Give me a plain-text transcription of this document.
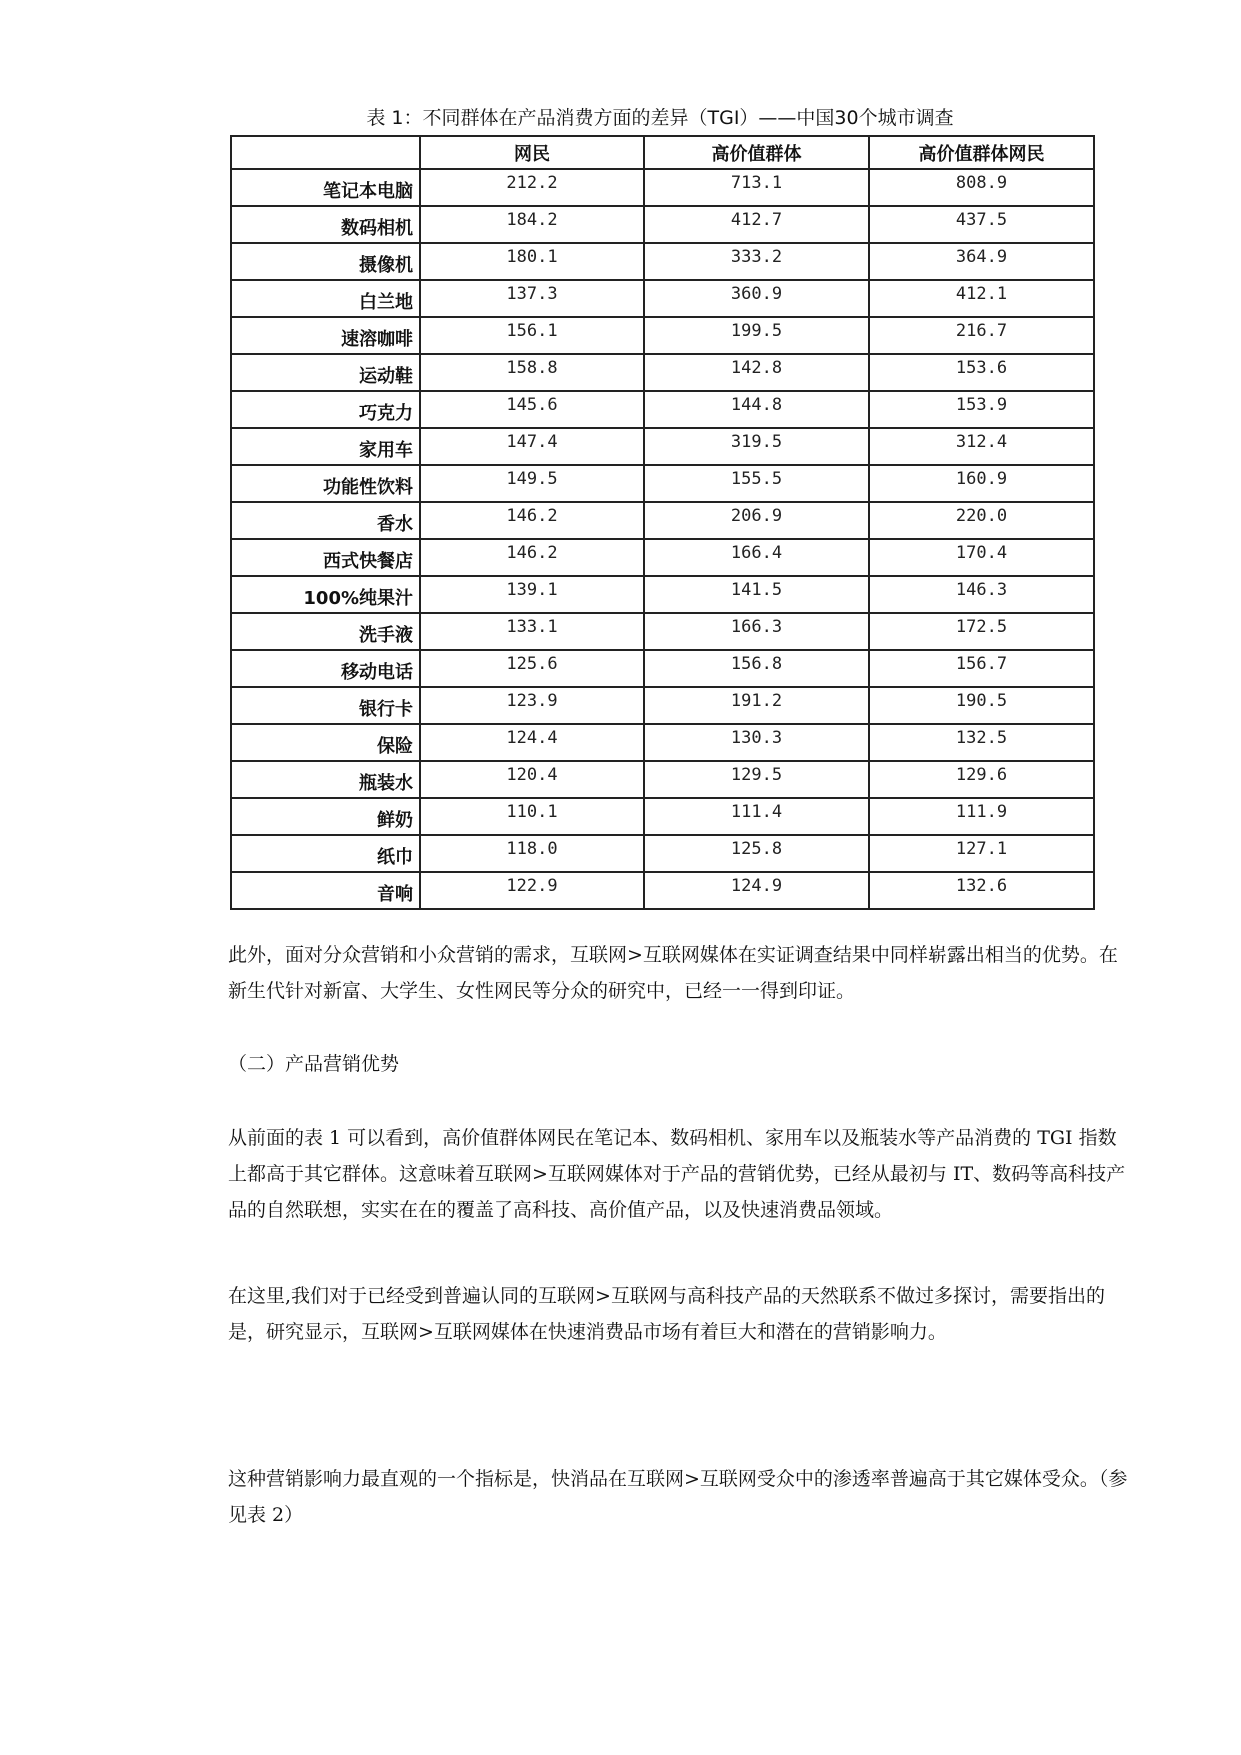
表 1：不同群体在产品消费方面的差异（TGI）——中国30个城市调查
	网民	高价值群体	高价值群体网民
笔记本电脑	212.2	713.1	808.9
数码相机	184.2	412.7	437.5
摄像机	180.1	333.2	364.9
白兰地	137.3	360.9	412.1
速溶咖啡	156.1	199.5	216.7
运动鞋	158.8	142.8	153.6
巧克力	145.6	144.8	153.9
家用车	147.4	319.5	312.4
功能性饮料	149.5	155.5	160.9
香水	146.2	206.9	220.0
西式快餐店	146.2	166.4	170.4
100%纯果汁	139.1	141.5	146.3
洗手液	133.1	166.3	172.5
移动电话	125.6	156.8	156.7
银行卡	123.9	191.2	190.5
保险	124.4	130.3	132.5
瓶装水	120.4	129.5	129.6
鲜奶	110.1	111.4	111.9
纸巾	118.0	125.8	127.1
音响	122.9	124.9	132.6

此外，面对分众营销和小众营销的需求，互联网>互联网媒体在实证调查结果中同样崭露出相当的优势。在新生代针对新富、大学生、女性网民等分众的研究中，已经一一得到印证。

（二）产品营销优势

从前面的表 1 可以看到，高价值群体网民在笔记本、数码相机、家用车以及瓶装水等产品消费的 TGI 指数上都高于其它群体。这意味着互联网>互联网媒体对于产品的营销优势，已经从最初与 IT、数码等高科技产品的自然联想，实实在在的覆盖了高科技、高价值产品，以及快速消费品领域。

在这里,我们对于已经受到普遍认同的互联网>互联网与高科技产品的天然联系不做过多探讨，需要指出的是，研究显示，互联网>互联网媒体在快速消费品市场有着巨大和潜在的营销影响力。

这种营销影响力最直观的一个指标是，快消品在互联网>互联网受众中的渗透率普遍高于其它媒体受众。（参见表 2）
